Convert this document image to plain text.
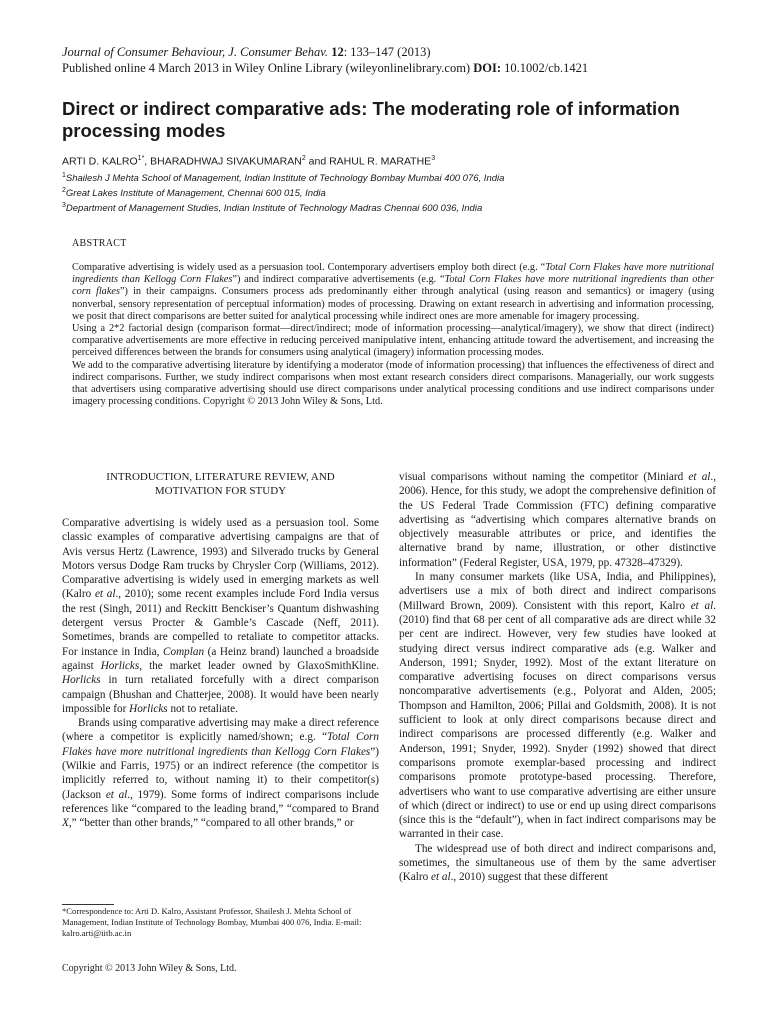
Journal of Consumer Behaviour, J. Consumer Behav. 12: 133–147 (2013)
Published online 4 March 2013 in Wiley Online Library (wileyonlinelibrary.com) DOI: 10.1002/cb.1421
Direct or indirect comparative ads: The moderating role of information processing modes
ARTI D. $KALRO^{1*}$, BHARADHWAJ SIVAKUMARAN$^2$ and RAHUL R. MARATHE$^3$
$^1$Shailesh J Mehta School of Management, Indian Institute of Technology Bombay Mumbai 400 076, India
$^2$Great Lakes Institute of Management, Chennai 600 015, India
$^3$Department of Management Studies, Indian Institute of Technology Madras Chennai 600 036, India
ABSTRACT

Comparative advertising is widely used as a persuasion tool. Contemporary advertisers employ both direct (e.g. “Total Corn Flakes have more nutritional ingredients than Kellogg Corn Flakes”) and indirect comparative advertisements (e.g. “Total Corn Flakes have more nutritional ingredients than other corn flakes”) in their campaigns. Consumers process ads predominantly either through analytical (using reason and semantics) or imagery (using nonverbal, sensory representation of perceptual information) modes of processing. Drawing on extant research in advertising and information processing, we posit that direct comparisons are better suited for analytical processing while indirect ones are more amenable for imagery processing.

Using a 2*2 factorial design (comparison format—direct/indirect; mode of information processing—analytical/imagery), we show that direct (indirect) comparative advertisements are more effective in reducing perceived manipulative intent, enhancing attitude toward the advertisement, and increasing the perceived differences between the brands for consumers using analytical (imagery) information processing modes.

We add to the comparative advertising literature by identifying a moderator (mode of information processing) that influences the effectiveness of direct and indirect comparisons. Further, we study indirect comparisons when most extant research considers direct comparisons. Managerially, our work suggests that advertisers using comparative advertising should use direct comparisons under analytical processing conditions and use indirect comparisons under imagery processing conditions. Copyright © 2013 John Wiley & Sons, Ltd.

INTRODUCTION, LITERATURE REVIEW, AND
MOTIVATION FOR STUDY

Comparative advertising is widely used as a persuasion tool. Some classic examples of comparative advertising campaigns are that of Avis versus Hertz (Lawrence, 1993) and Silverado trucks by General Motors versus Dodge Ram trucks by Chrysler Corp (Williams, 2012). Comparative advertising is widely used in emerging markets as well (Kalro et al., 2010); some recent examples include Ford India versus the rest (Singh, 2011) and Reckitt Benckiser’s Quantum dishwashing detergent versus Procter & Gamble’s Cascade (Neff, 2011). Sometimes, brands are compelled to retaliate to competitor attacks. For instance in India, Complan (a Heinz brand) launched a broadside against Horlicks, the market leader owned by GlaxoSmithKline. Horlicks in turn retaliated forcefully with a direct comparison campaign (Bhushan and Chatterjee, 2008). It would have been nearly impossible for Horlicks not to retaliate.

Brands using comparative advertising may make a direct reference (where a competitor is explicitly named/shown; e.g. “Total Corn Flakes have more nutritional ingredients than Kellogg Corn Flakes”) (Wilkie and Farris, 1975) or an indirect reference (the competitor is implicitly referred to, without naming it) to their competitor(s) (Jackson et al., 1979). Some forms of indirect comparisons include references like “compared to the leading brand,” “compared to Brand X,” “better than other brands,” “compared to all other brands,” or

visual comparisons without naming the competitor (Miniard et al., 2006). Hence, for this study, we adopt the comprehensive definition of the US Federal Trade Commission (FTC) defining comparative advertising as “advertising which compares alternative brands on objectively measurable attributes or price, and identifies the alternative brand by name, illustration, or other distinctive information” (Federal Register, USA, 1979, pp. 47328–47329).

In many consumer markets (like USA, India, and Philippines), advertisers use a mix of both direct and indirect comparisons (Millward Brown, 2009). Consistent with this report, Kalro et al. (2010) find that 68 per cent of all comparative ads are direct while 32 per cent are indirect. However, very few studies have looked at studying direct versus indirect comparative ads (e.g. Walker and Anderson, 1991; Snyder, 1992). Most of the extant literature on comparative advertising focuses on direct comparisons versus noncomparative advertisements (e.g., Polyorat and Alden, 2005; Thompson and Hamilton, 2006; Pillai and Goldsmith, 2008). It is not sufficient to look at only direct comparisons because direct and indirect comparisons are processed differently (e.g. Walker and Anderson, 1991; Snyder, 1992). Snyder (1992) showed that direct comparisons promote exemplar-based processing and indirect comparisons promote prototype-based processing. Therefore, advertisers who want to use comparative advertising are either unsure of which (direct or indirect) to use or end up using direct comparisons (since this is the “default”), when in fact indirect comparisons may be warranted in their case.

The widespread use of both direct and indirect comparisons and, sometimes, the simultaneous use of them by the same advertiser (Kalro et al., 2010) suggest that these different

*Correspondence to: Arti D. Kalro, Assistant Professor, Shailesh J. Mehta School of Management, Indian Institute of Technology Bombay, Mumbai 400 076, India. E-mail: kalro.arti@iitb.ac.in
Copyright © 2013 John Wiley & Sons, Ltd.
